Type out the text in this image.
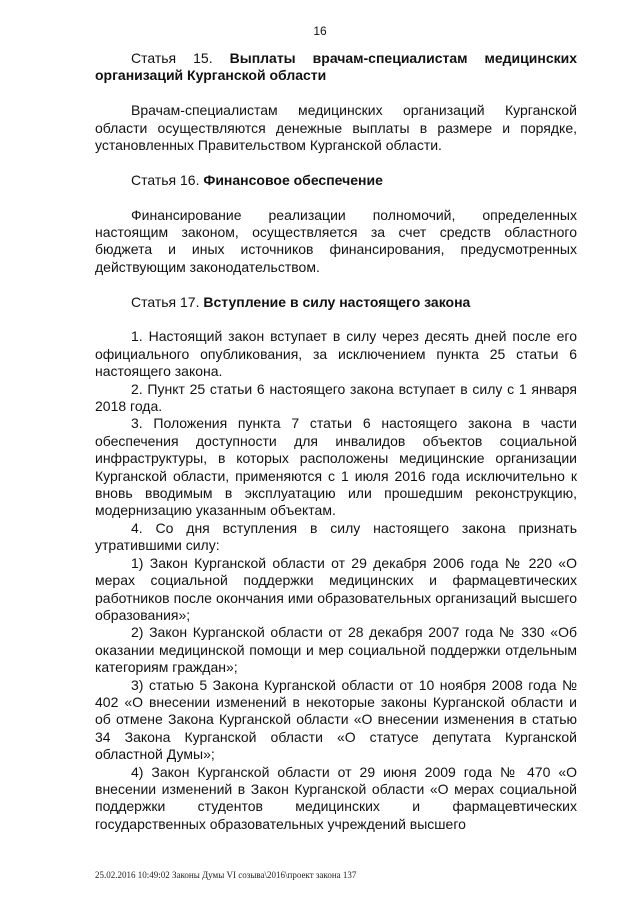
16

Статья 15. Выплаты врачам-специалистам медицинских организаций Курганской области

Врачам-специалистам медицинских организаций Курганской области осуществляются денежные выплаты в размере и порядке, установленных Правительством Курганской области.

Статья 16. Финансовое обеспечение

Финансирование реализации полномочий, определенных настоящим законом, осуществляется за счет средств областного бюджета и иных источников финансирования, предусмотренных действующим законодательством.

Статья 17. Вступление в силу настоящего закона

1. Настоящий закон вступает в силу через десять дней после его официального опубликования, за исключением пункта 25 статьи 6 настоящего закона.

2. Пункт 25 статьи 6 настоящего закона вступает в силу с 1 января 2018 года.

3. Положения пункта 7 статьи 6 настоящего закона в части обеспечения доступности для инвалидов объектов социальной инфраструктуры, в которых расположены медицинские организации Курганской области, применяются с 1 июля 2016 года исключительно к вновь вводимым в эксплуатацию или прошедшим реконструкцию, модернизацию указанным объектам.

4. Со дня вступления в силу настоящего закона признать утратившими силу:

1) Закон Курганской области от 29 декабря 2006 года № 220 «О мерах социальной поддержки медицинских и фармацевтических работников после окончания ими образовательных организаций высшего образования»;

2) Закон Курганской области от 28 декабря 2007 года № 330 «Об оказании медицинской помощи и мер социальной поддержки отдельным категориям граждан»;

3) статью 5 Закона Курганской области от 10 ноября 2008 года № 402 «О внесении изменений в некоторые законы Курганской области и об отмене Закона Курганской области «О внесении изменения в статью 34 Закона Курганской области «О статусе депутата Курганской областной Думы»;

4) Закон Курганской области от 29 июня 2009 года № 470 «О внесении изменений в Закон Курганской области «О мерах социальной поддержки студентов медицинских и фармацевтических государственных образовательных учреждений высшего

25.02.2016 10:49:02 Законы Думы VI созыва\2016\проект закона 137
